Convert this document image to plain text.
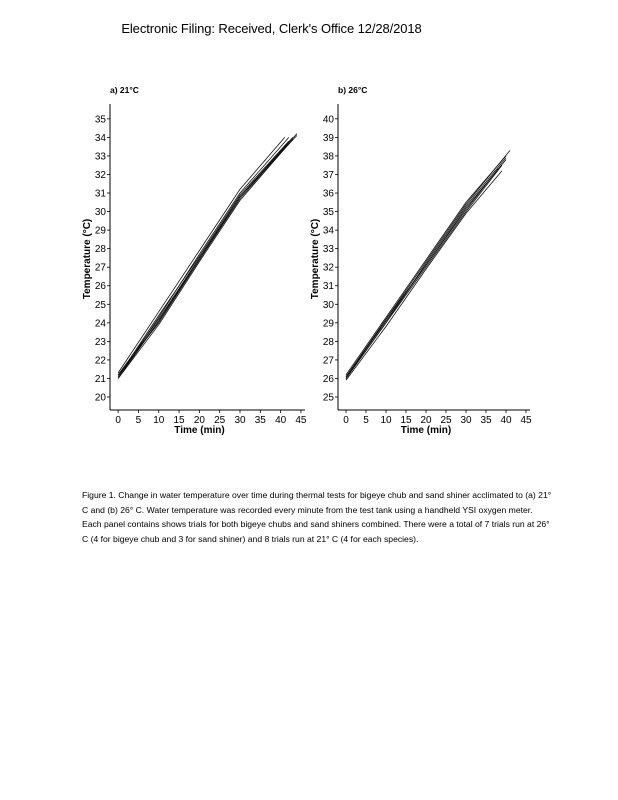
Electronic Filing: Received, Clerk's Office 12/28/2018
a) 21°C
20
21
22
23
24
25
26
27
28
29
30
31
32
33
34
35
0 5 10 15 20 25 30 35 40 45
Time (min)
Temperature (°C)
b) 26°C
25
26
27
28
29
30
31
32
33
34
35
36
37
38
39
40
0 5 10 15 20 25 30 35 40 45
Time (min)
Temperature (°C)
Figure 1. Change in water temperature over time during thermal tests for bigeye chub and sand shiner acclimated to (a) 21° C and (b) 26° C. Water temperature was recorded every minute from the test tank using a handheld YSI oxygen meter. Each panel contains shows trials for both bigeye chubs and sand shiners combined. There were a total of 7 trials run at 26° C (4 for bigeye chub and 3 for sand shiner) and 8 trials run at 21° C (4 for each species).
